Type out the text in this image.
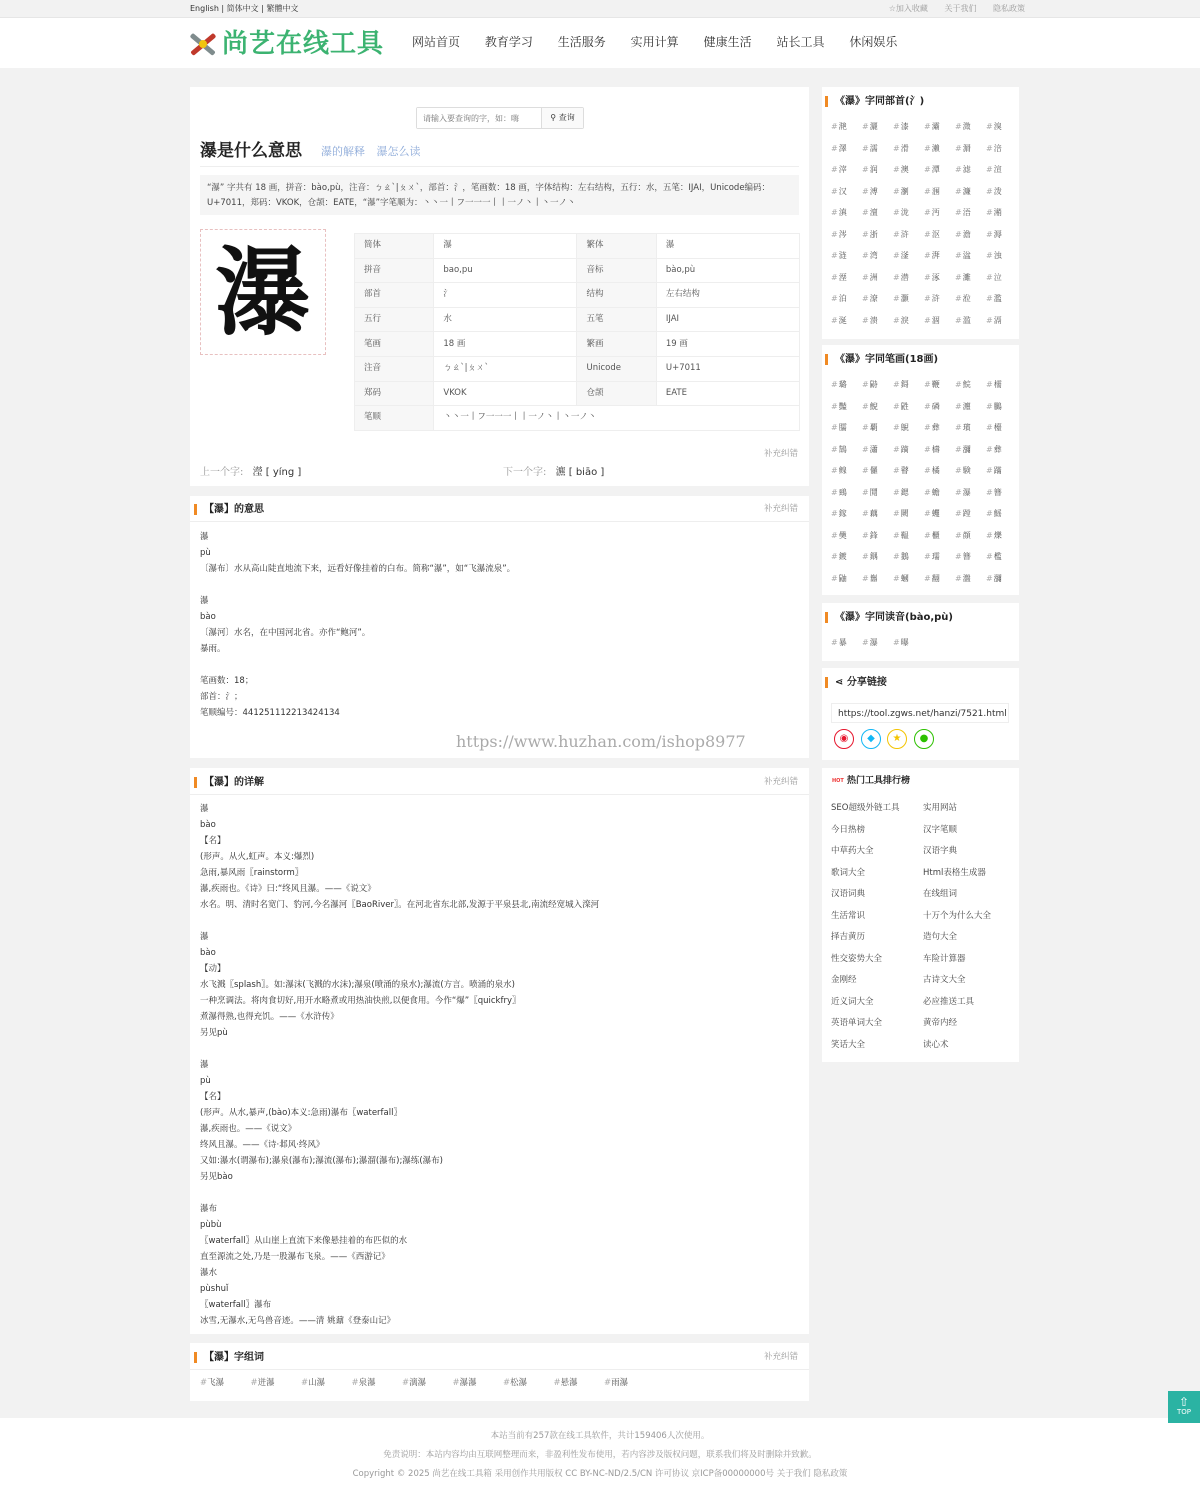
English | 简体中文 | 繁體中文	☆加入收藏 关于我们 隐私政策
尚艺在线工具 网站首页 教育学习 生活服务 实用计算 健康生活 站长工具 休闲娱乐
请输入要查询的字，如：嗨
⚲ 查询
瀑是什么意思 瀑的解释 瀑怎么读
“瀑” 字共有 18 画，拼音：bào,pù，注音：ㄅㄠˋ|ㄆㄨˋ，部首：氵，笔画数：18 画，字体结构：左右结构，五行：水，五笔：IJAI，Unicode编码：U+7011，郑码：VKOK，仓颉：EATE，“瀑”字笔顺为：丶丶一丨フ一一一丨丨一ノ丶丨丶一ノ丶
瀑	简体	瀑	繁体	瀑
拼音	bao,pu	音标	bào,pù
部首	氵	结构	左右结构
五行	水	五笔	IJAI
笔画	18 画	繁画	19 画
注音	ㄅㄠˋ|ㄆㄨˋ	Unicode	U+7011
郑码	VKOK	仓颉	EATE
笔顺	丶丶一丨フ一一一丨丨一ノ丶丨丶一ノ丶		
补充纠错
上一个字: 瀅 [ yíng ]	下一个字: 瀌 [ biāo ]
【瀑】的意思	补充纠错
瀑
pù
〔瀑布〕水从高山陡直地流下来，远看好像挂着的白布。简称“瀑”，如“飞瀑流泉”。
瀑
bào
〔瀑河〕水名，在中国河北省。亦作“鲍河”。
暴雨。
笔画数：18；
部首：氵；
笔顺编号：441251112213424134
https://www.huzhan.com/ishop8977
【瀑】的详解	补充纠错
瀑
bào
【名】
(形声。从火,虹声。本义:爆烈)
急雨,暴风雨〖rainstorm〗
瀑,疾雨也。《诗》曰:“终风且瀑。——《说文》
水名。明、清时名宽门、豹河,今名瀑河〖BaoRiver〗。在河北省东北部,发源于平泉县北,南流经宽城入滦河
瀑
bào
【动】
水飞溅〖splash〗。如:瀑沫(飞溅的水沫);瀑泉(喷涌的泉水);瀑流(方言。喷涌的泉水)
一种烹调法。将肉食切好,用开水略煮或用热油快煎,以便食用。今作“爆”〖quickfry〗
煮瀑得熟,也得充饥。——《水浒传》
另见pù
瀑
pù
【名】
(形声。从水,暴声,(bào)本义:急雨)瀑布〖waterfall〗
瀑,疾雨也。——《说文》
终风且瀑。——《诗·邶风·终风》
又如:瀑水(谓瀑布);瀑泉(瀑布);瀑流(瀑布);瀑溜(瀑布);瀑练(瀑布)
另见bào
瀑布
pùbù
〖waterfall〗从山崖上直流下来像悬挂着的布匹似的水
直至源流之处,乃是一股瀑布飞泉。——《西游记》
瀑水
pùshuǐ
〖waterfall〗瀑布
冰雪,无瀑水,无鸟兽音迹。——清 姚鼐《登泰山记》
【瀑】字组词	补充纠错
# 飞瀑	# 迸瀑	# 山瀑	# 泉瀑	# 漓瀑	# 瀑瀑	# 松瀑	# 悬瀑	# 雨瀑
《瀑》字同部首(氵)
# 滟	# 灑	# 漆	# 灞	# 溦	# 溴
# 澤	# 濡	# 滑	# 瀨	# 漘	# 涪
# 滓	# 润	# 澳	# 潭	# 滤	# 渲
# 汉	# 溥	# 瀏	# 涠	# 濂	# 泼
# 滇	# 澶	# 泷	# 沔	# 浯	# 潲
# 涔	# 浙	# 浒	# 沤	# 澹	# 溽
# 涟	# 湾	# 滏	# 湃	# 湓	# 浊
# 溼	# 洲	# 潜	# 涿	# 濉	# 泣
# 泊	# 潦	# 灝	# 浒	# 涖	# 濫
# 涎	# 溃	# 淚	# 涸	# 滥	# 滆
《瀑》字同笔画(18画)
# 璐	# 鼭	# 鎶	# 鞭	# 鯇	# 檽
# 豔	# 鯢	# 鼪	# 磷	# 瀍	# 鵩
# 臑	# 覇	# 鶃	# 彝	# 璸	# 檯
# 鵠	# 瀟	# 蹢	# 檮	# 瀰	# 彝
# 鳈	# 儸	# 瞽	# 橘	# 験	# 蹣
# 鵐	# 鬩	# 鍶	# 蟾	# 瀑	# 簪
# 鎵	# 藕	# 闕	# 蠼	# 蹚	# 鰩
# 奰	# 鋒	# 鞰	# 櫃	# 顔	# 爍
# 鍍	# 鍝	# 鵝	# 瓀	# 簪	# 檻
# 鼬	# 雟	# 蟈	# 翻	# 瀊	# 瀰
《瀑》字同读音(bào,pù)
# 暴	# 瀑	# 曝
⋖ 分享链接
https://tool.zgws.net/hanzi/7521.html
◉	◆	★	●
HOT 热门工具排行榜
SEO超级外链工具	实用网站
今日热榜	汉字笔顺
中草药大全	汉语字典
歌词大全	Html表格生成器
汉语词典	在线组词
生活常识	十万个为什么大全
择吉黄历	造句大全
性交姿势大全	车险计算器
金刚经	古诗文大全
近义词大全	必应推送工具
英语单词大全	黄帝内经
笑话大全	读心术
本站当前有257款在线工具软件，共计159406人次使用。
免责说明：本站内容均由互联网整理而来，非盈利性发布使用，若内容涉及版权问题，联系我们将及时删除并致歉。
Copyright © 2025 尚艺在线工具箱 采用创作共用版权 CC BY-NC-ND/2.5/CN 许可协议 京ICP备00000000号 关于我们 隐私政策
⇧
TOP
